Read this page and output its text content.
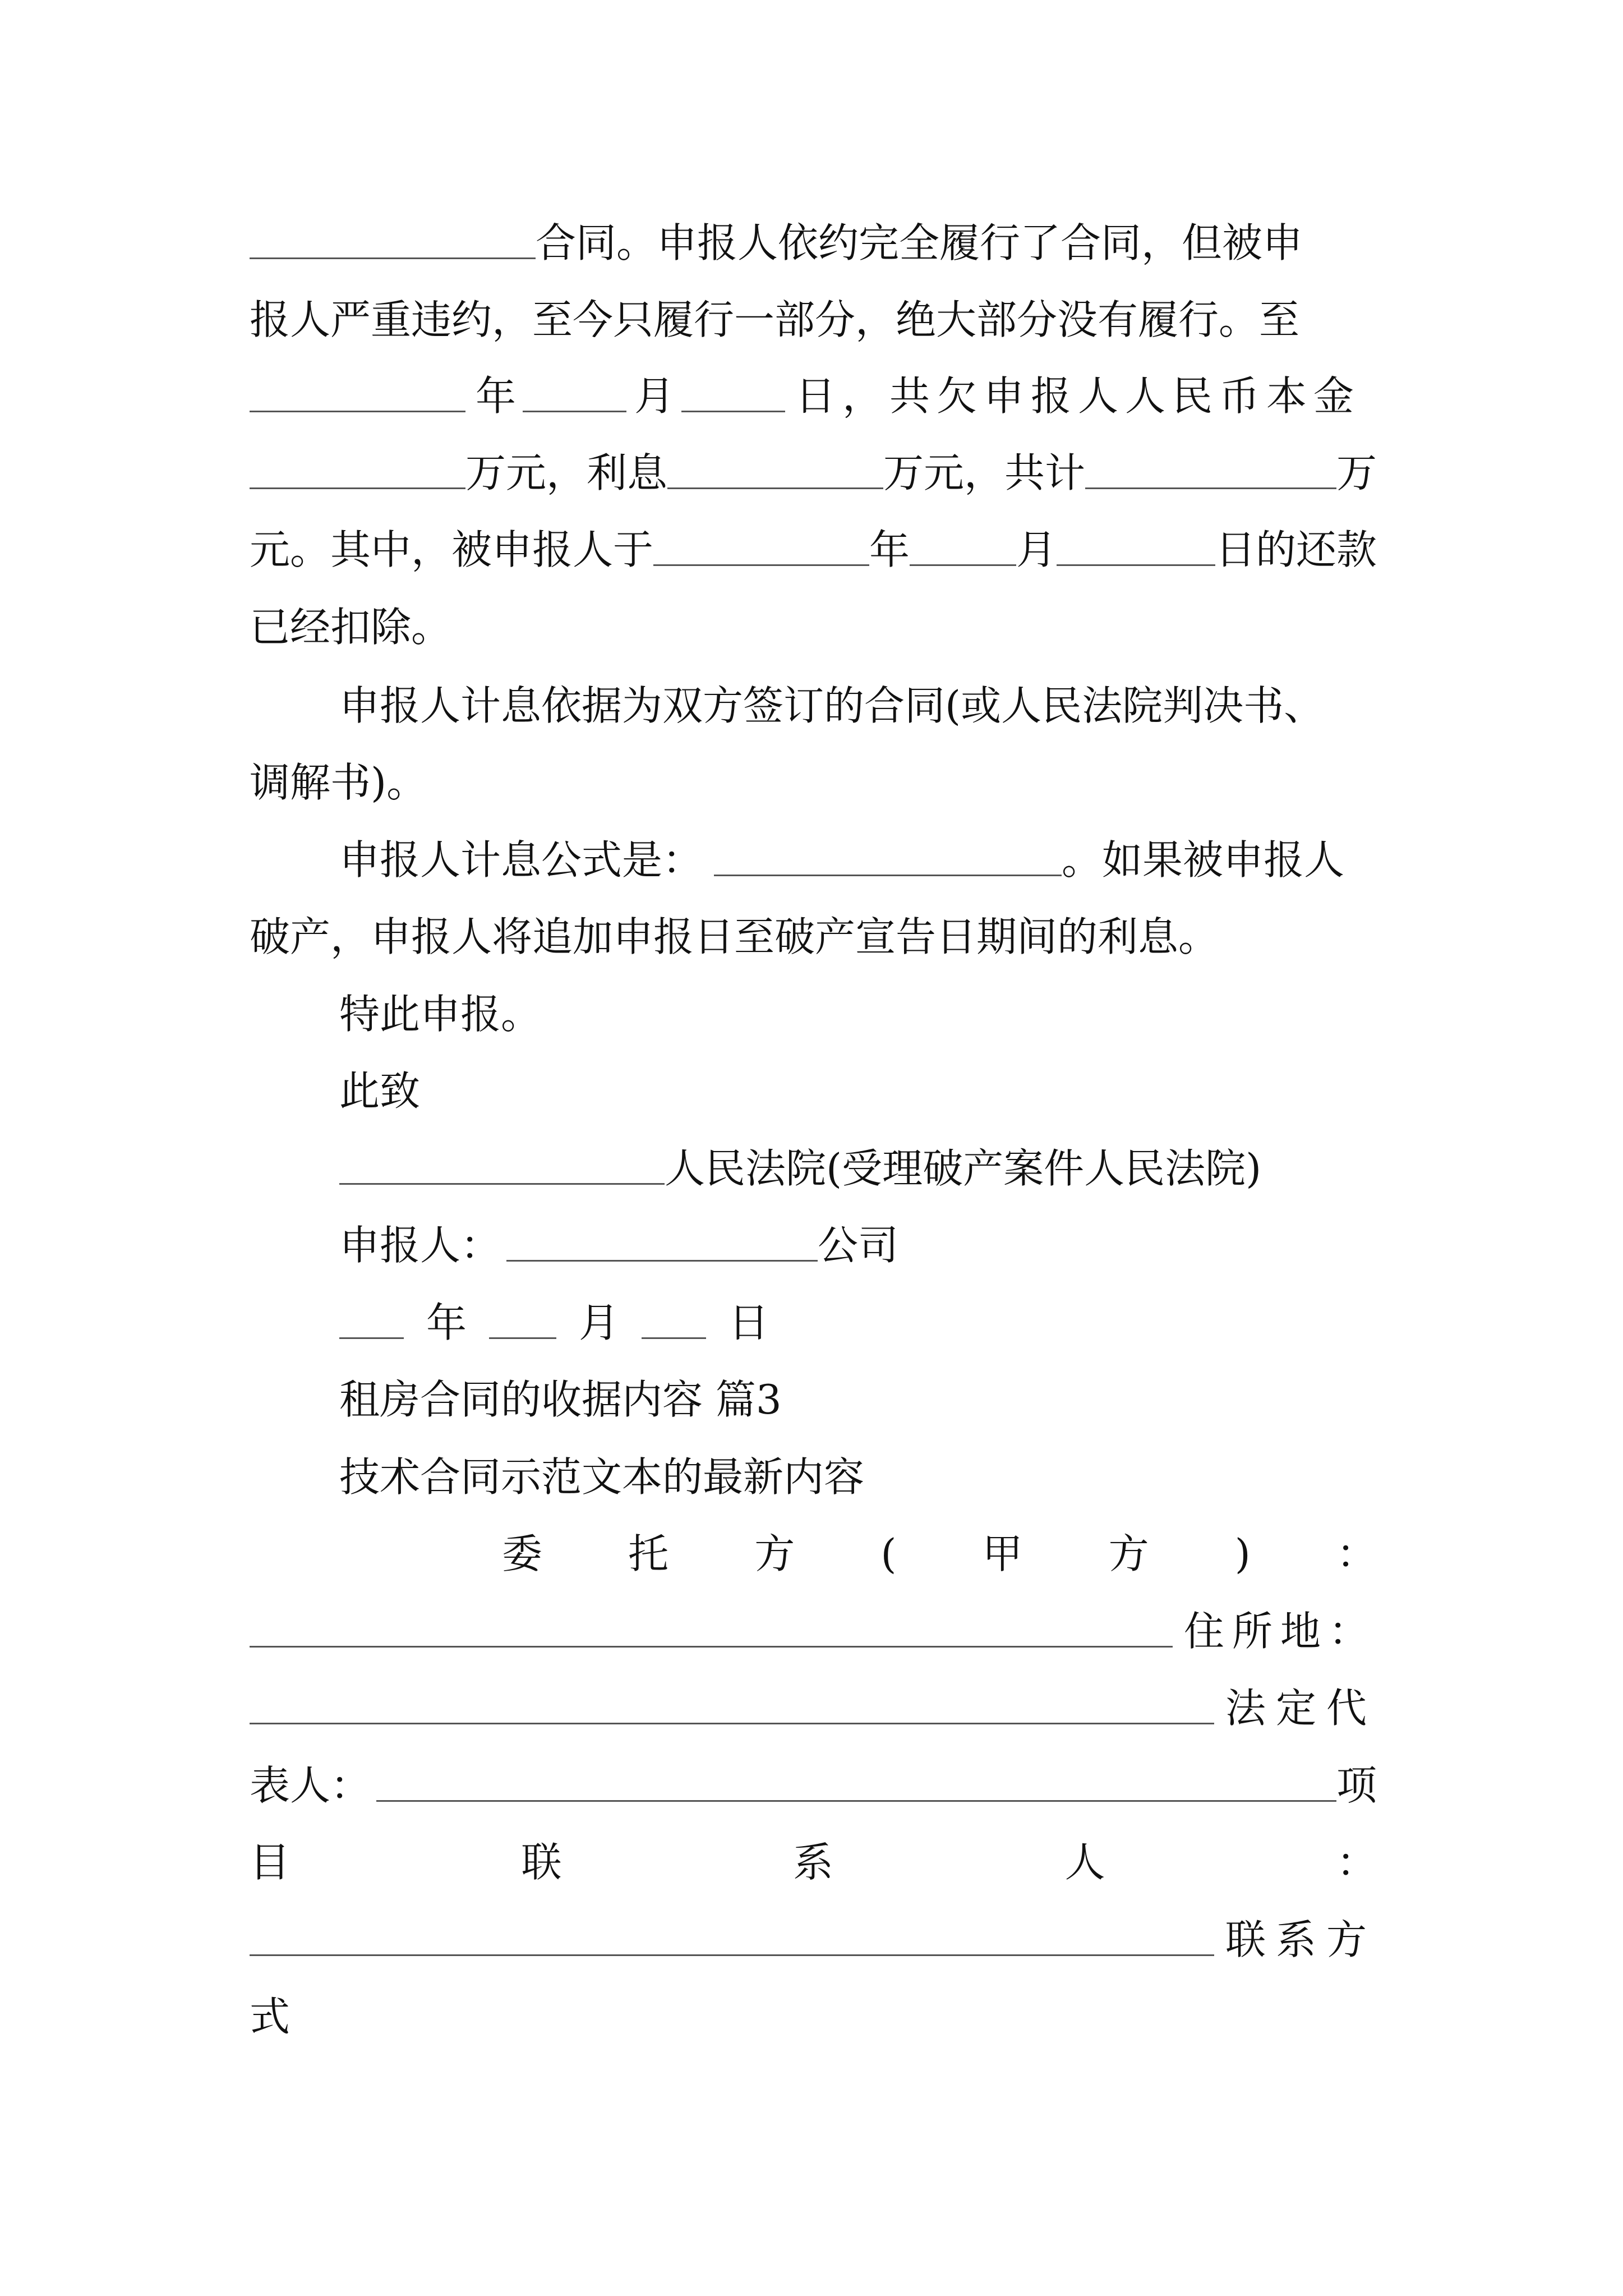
合同。申报人依约完全履行了合同，但被申
报人严重违约，至今只履行一部分，绝大部分没有履行。至
年	月	日，共欠申报人人民币本金
万元，利息	万元，共计	万
元。其中，被申报人于	年	月	日的还款
已经扣除。
申报人计息依据为双方签订的合同(或人民法院判决书、
调解书)。
申报人计息公式是：	。如果被申报人
破产，申报人将追加申报日至破产宣告日期间的利息。
特此申报。
此致
人民法院(受理破产案件人民法院)
申报人：	公司
年	月	日
租房合同的收据内容 篇3
技术合同示范文本的最新内容
委 托 方 ( 甲 方 ) ：
住所地：
法定代
表人：	项
目	联	系	人	：
联系方
式
